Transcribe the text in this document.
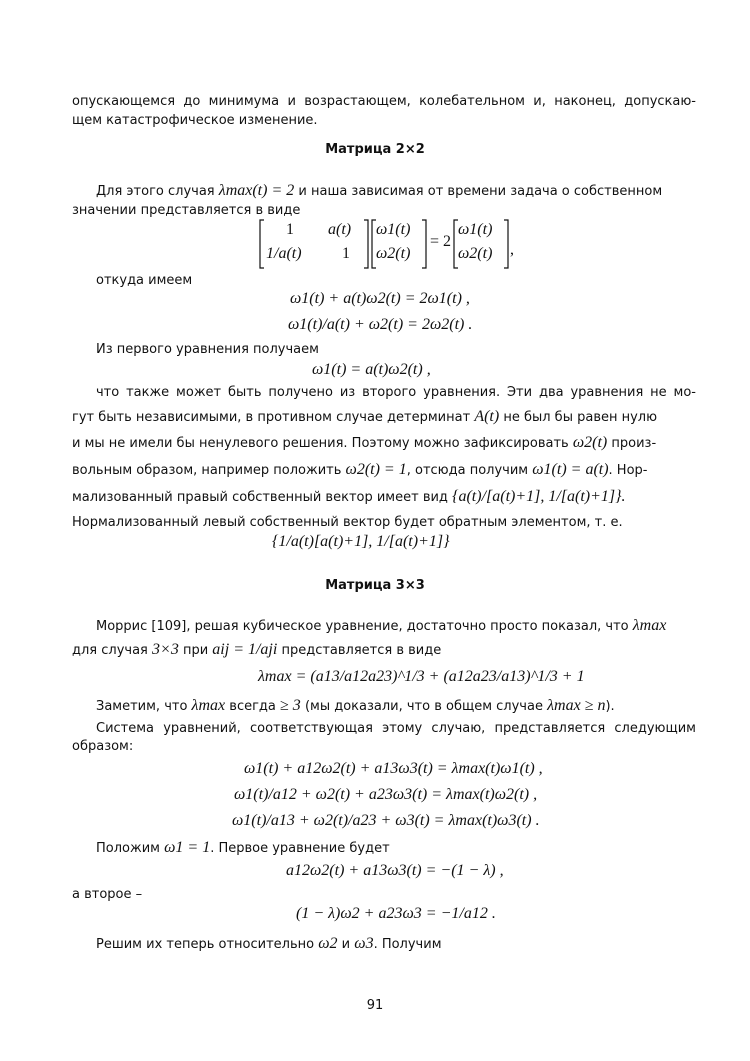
опускающемся до минимума и возрастающем, колебательном и, наконец, допускаю-
щем катастрофическое изменение.
Матрица 2×2
Для этого случая λmax(t) = 2 и наша зависимая от времени задача о собственном
значении представляется в виде
1 a(t)
1/a(t)	1
ω1(t)
ω2(t)
= 2
ω1(t)
ω2(t) ,
откуда имеем
ω1(t) + a(t)ω2(t) = 2ω1(t) ,
ω1(t)/a(t) + ω2(t) = 2ω2(t) .
Из первого уравнения получаем
ω1(t) = a(t)ω2(t) ,
что также может быть получено из второго уравнения. Эти два уравнения не мо-
гут быть независимыми, в противном случае детерминат A(t) не был бы равен нулю
и мы не имели бы ненулевого решения. Поэтому можно зафиксировать ω2(t) произ-
вольным образом, например положить ω2(t) = 1, отсюда получим ω1(t) = a(t). Нор-
мализованный правый собственный вектор имеет вид {a(t)/[a(t)+1], 1/[a(t)+1]}.
Нормализованный левый собственный вектор будет обратным элементом, т. е.
{1/a(t)[a(t)+1], 1/[a(t)+1]}
Матрица 3×3
Моррис [109], решая кубическое уравнение, достаточно просто показал, что λmax
для случая 3×3 при aij = 1/aji представляется в виде
λmax = (a13/a12a23)^1/3 + (a12a23/a13)^1/3 + 1
Заметим, что λmax всегда ≥ 3 (мы доказали, что в общем случае λmax ≥ n).
Система уравнений, соответствующая этому случаю, представляется следующим
образом:
ω1(t) + a12ω2(t) + a13ω3(t) = λmax(t)ω1(t) ,
ω1(t)/a12 + ω2(t) + a23ω3(t) = λmax(t)ω2(t) ,
ω1(t)/a13 + ω2(t)/a23 + ω3(t) = λmax(t)ω3(t) .
Положим ω1 = 1. Первое уравнение будет
a12ω2(t) + a13ω3(t) = −(1 − λ) ,
а второе –
(1 − λ)ω2 + a23ω3 = −1/a12 .
Решим их теперь относительно ω2 и ω3. Получим
91
